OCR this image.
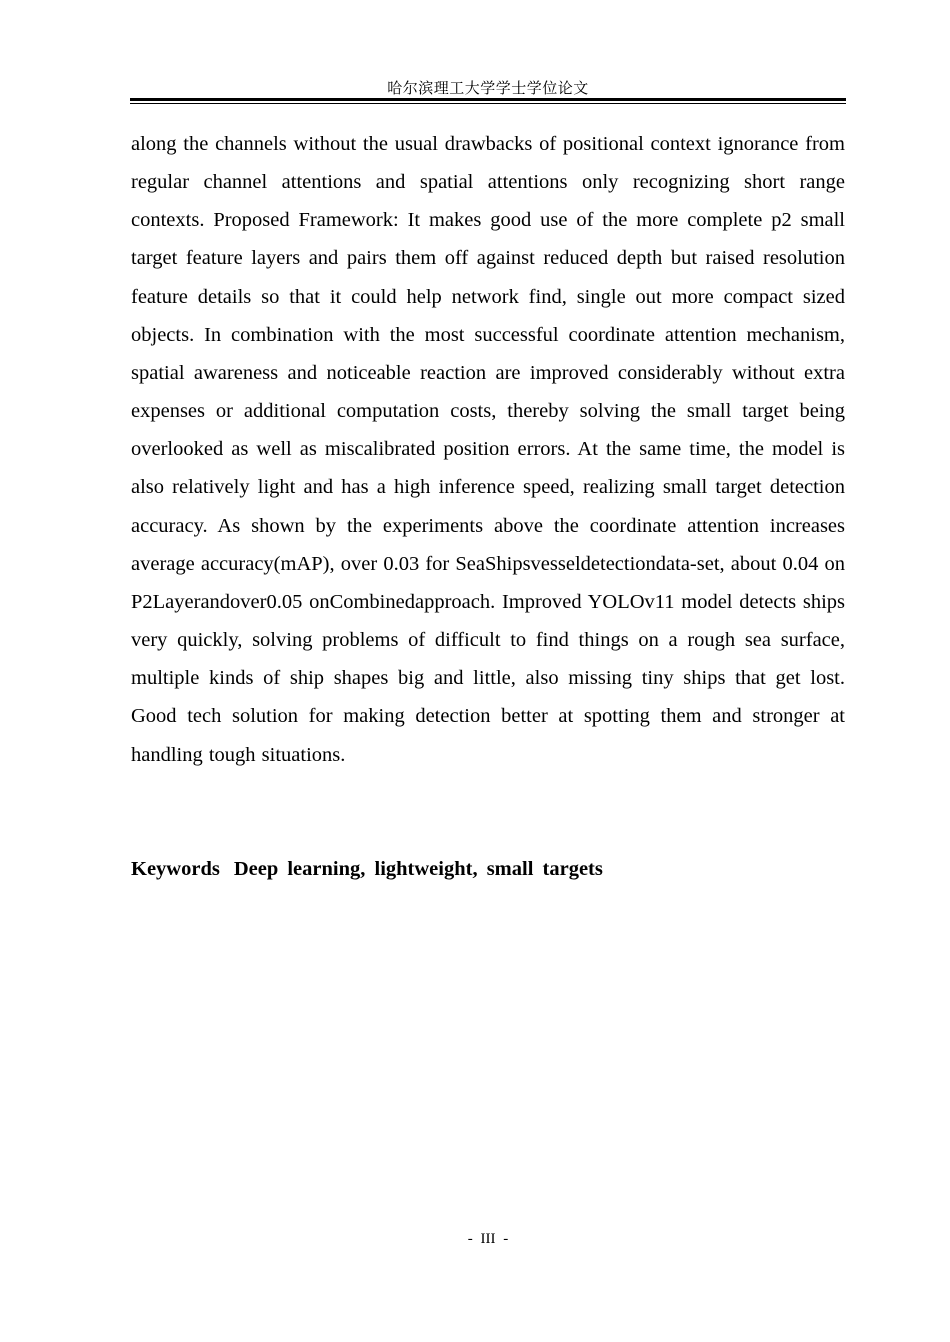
哈尔滨理工大学学士学位论文

along the channels without the usual drawbacks of positional context ignorance from regular channel attentions and spatial attentions only recognizing short range contexts. Proposed Framework: It makes good use of the more complete p2 small target feature layers and pairs them off against reduced depth but raised resolution feature details so that it could help network find, single out more compact sized objects. In combination with the most successful coordinate attention mechanism, spatial awareness and noticeable reaction are improved considerably without extra expenses or additional computation costs, thereby solving the small target being overlooked as well as miscalibrated position errors. At the same time, the model is also relatively light and has a high inference speed, realizing small target detection accuracy. As shown by the experiments above the coordinate attention increases average accuracy(mAP), over 0.03 for SeaShipsvesseldetectiondata-set, about 0.04 on P2Layerandover0.05 onCombinedapproach. Improved YOLOv11 model detects ships very quickly, solving problems of difficult to find things on a rough sea surface, multiple kinds of ship shapes big and little, also missing tiny ships that get lost. Good tech solution for making detection better at spotting them and stronger at handling tough situations.

Keywords Deep learning, lightweight, small targets
- III -
